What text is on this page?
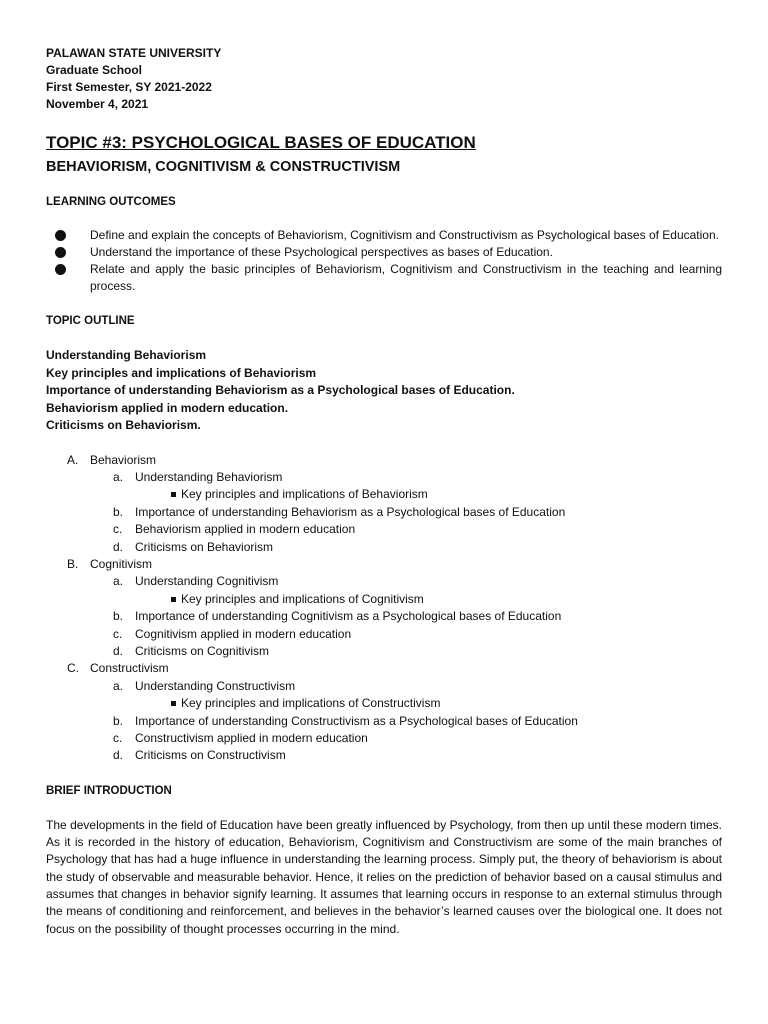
PALAWAN STATE UNIVERSITY
Graduate School
First Semester, SY 2021-2022
November 4, 2021
TOPIC #3: PSYCHOLOGICAL BASES OF EDUCATION
BEHAVIORISM, COGNITIVISM & CONSTRUCTIVISM
LEARNING OUTCOMES
Define and explain the concepts of Behaviorism, Cognitivism and Constructivism as Psychological bases of Education.
Understand the importance of these Psychological perspectives as bases of Education.
Relate and apply the basic principles of Behaviorism, Cognitivism and Constructivism in the teaching and learning process.
TOPIC OUTLINE
Understanding Behaviorism
Key principles and implications of Behaviorism
Importance of understanding Behaviorism as a Psychological bases of Education.
Behaviorism applied in modern education.
Criticisms on Behaviorism.
A. Behaviorism
a. Understanding Behaviorism
Key principles and implications of Behaviorism
b. Importance of understanding Behaviorism as a Psychological bases of Education
c. Behaviorism applied in modern education
d. Criticisms on Behaviorism
B. Cognitivism
a. Understanding Cognitivism
Key principles and implications of Cognitivism
b. Importance of understanding Cognitivism as a Psychological bases of Education
c. Cognitivism applied in modern education
d. Criticisms on Cognitivism
C. Constructivism
a. Understanding Constructivism
Key principles and implications of Constructivism
b. Importance of understanding Constructivism as a Psychological bases of Education
c. Constructivism applied in modern education
d. Criticisms on Constructivism
BRIEF INTRODUCTION
The developments in the field of Education have been greatly influenced by Psychology, from then up until these modern times. As it is recorded in the history of education, Behaviorism, Cognitivism and Constructivism are some of the main branches of Psychology that has had a huge influence in understanding the learning process. Simply put, the theory of behaviorism is about the study of observable and measurable behavior. Hence, it relies on the prediction of behavior based on a causal stimulus and assumes that changes in behavior signify learning. It assumes that learning occurs in response to an external stimulus through the means of conditioning and reinforcement, and believes in the behavior’s learned causes over the biological one. It does not focus on the possibility of thought processes occurring in the mind.
